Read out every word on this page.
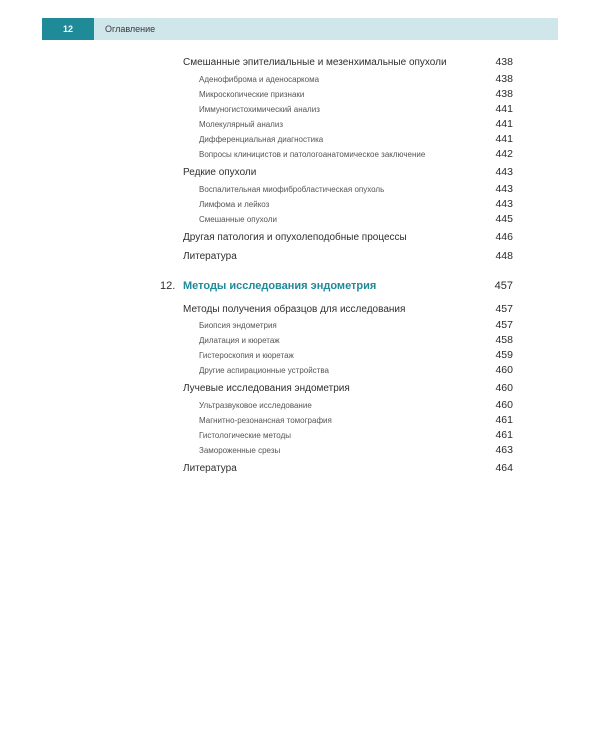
12	Оглавление
Смешанные эпителиальные и мезенхимальные опухоли	438
Аденофиброма и аденосаркома	438
Микроскопические признаки	438
Иммуногистохимический анализ	441
Молекулярный анализ	441
Дифференциальная диагностика	441
Вопросы клиницистов и патологоанатомическое заключение	442
Редкие опухоли	443
Воспалительная миофибробластическая опухоль	443
Лимфома и лейкоз	443
Смешанные опухоли	445
Другая патология и опухолеподобные процессы	446
Литература	448
12. Методы исследования эндометрия	457
Методы получения образцов для исследования	457
Биопсия эндометрия	457
Дилатация и кюретаж	458
Гистероскопия и кюретаж	459
Другие аспирационные устройства	460
Лучевые исследования эндометрия	460
Ультразвуковое исследование	460
Магнитно-резонансная томография	461
Гистологические методы	461
Замороженные срезы	463
Литература	464
